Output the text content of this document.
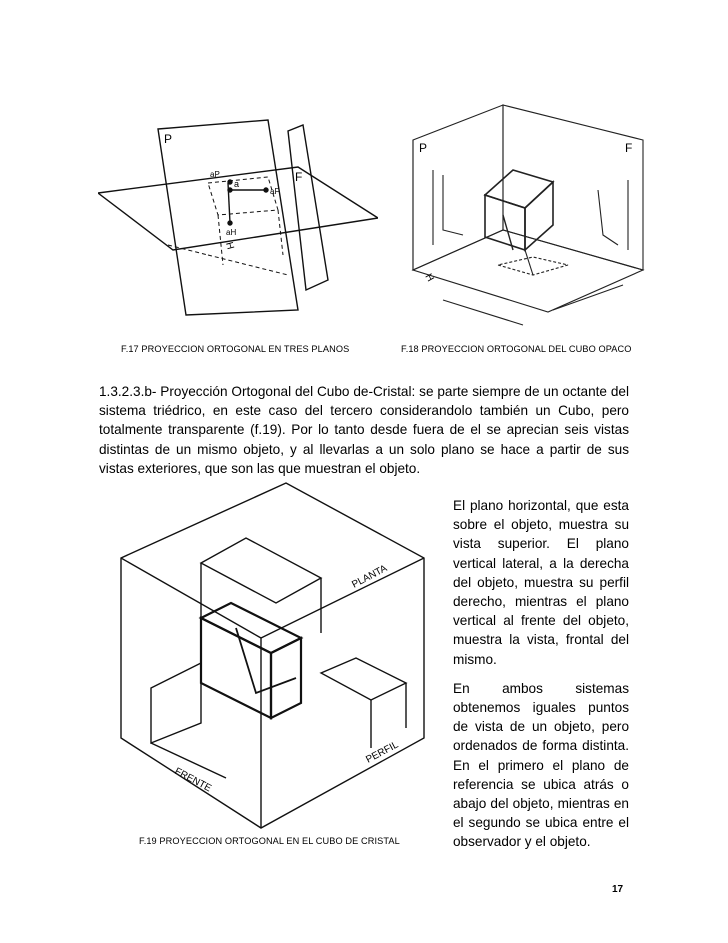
P
F
H
a
aP
aF
aH
F.17 PROYECCION ORTOGONAL EN TRES PLANOS
P	F
H
F.18 PROYECCION ORTOGONAL DEL CUBO OPACO
1.3.2.3.b- Proyección Ortogonal del Cubo de-Cristal: se parte siempre de un octante del sistema triédrico, en este caso del tercero considerandolo también un Cubo, pero totalmente transparente (f.19). Por lo tanto desde fuera de el se aprecian seis vistas distintas de un mismo objeto, y al llevarlas a un solo plano se hace a partir de sus vistas exteriores, que son las que muestran el objeto.
PLANTA
PERFIL
FRENTE
F.19 PROYECCION ORTOGONAL EN EL CUBO DE CRISTAL

El plano horizontal, que esta sobre el objeto, muestra su vista superior. El plano vertical lateral, a la derecha del objeto, muestra su perfil derecho, mientras el plano vertical al frente del objeto, muestra la vista, frontal del mismo.

En ambos sistemas obtenemos iguales puntos de vista de un objeto, pero ordenados de forma distinta. En el primero el plano de referencia se ubica atrás o abajo del objeto, mientras en el segundo se ubica entre el observador y el objeto.

17
